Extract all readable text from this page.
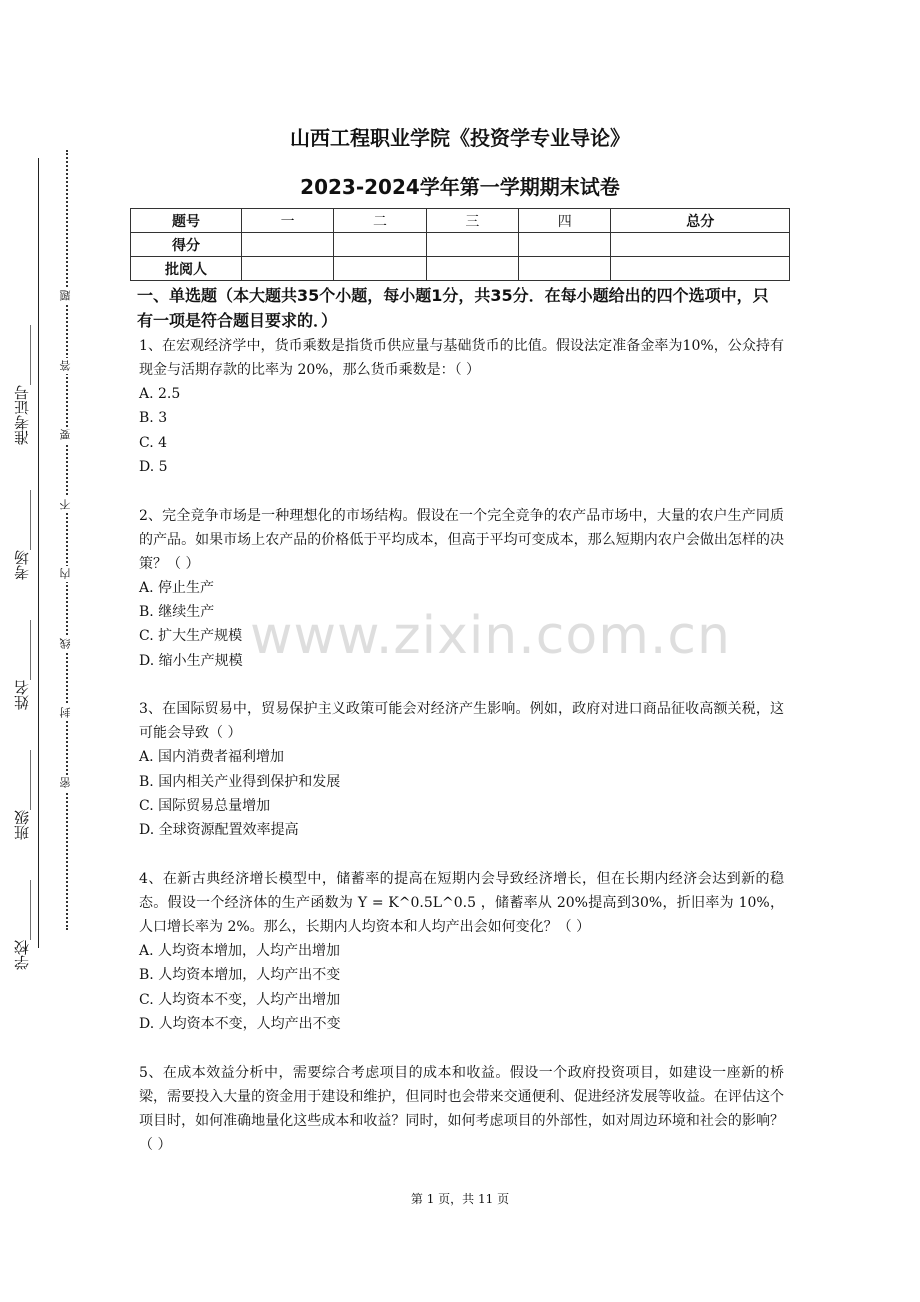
准考证号________
考场________
姓名________
班级________
学校________
题
答
要
不
内
线
封
密
山西工程职业学院《投资学专业导论》
2023-2024学年第一学期期末试卷
题号	一	二	三	四	总分
得分					
批阅人					
一、单选题（本大题共35个小题，每小题1分，共35分．在每小题给出的四个选项中，只有一项是符合题目要求的．）
1、在宏观经济学中，货币乘数是指货币供应量与基础货币的比值。假设法定准备金率为10%，公众持有现金与活期存款的比率为 20%，那么货币乘数是：（ ）
A. 2.5
B. 3
C. 4
D. 5
2、完全竞争市场是一种理想化的市场结构。假设在一个完全竞争的农产品市场中，大量的农户生产同质的产品。如果市场上农产品的价格低于平均成本，但高于平均可变成本，那么短期内农户会做出怎样的决策？（ ）
A. 停止生产
B. 继续生产
C. 扩大生产规模
D. 缩小生产规模
3、在国际贸易中，贸易保护主义政策可能会对经济产生影响。例如，政府对进口商品征收高额关税，这可能会导致（ ）
A. 国内消费者福利增加
B. 国内相关产业得到保护和发展
C. 国际贸易总量增加
D. 全球资源配置效率提高
4、在新古典经济增长模型中，储蓄率的提高在短期内会导致经济增长，但在长期内经济会达到新的稳态。假设一个经济体的生产函数为 Y = K^0.5L^0.5 ，储蓄率从 20%提高到30%，折旧率为 10%，人口增长率为 2%。那么，长期内人均资本和人均产出会如何变化？（ ）
A. 人均资本增加，人均产出增加
B. 人均资本增加，人均产出不变
C. 人均资本不变，人均产出增加
D. 人均资本不变，人均产出不变
5、在成本效益分析中，需要综合考虑项目的成本和收益。假设一个政府投资项目，如建设一座新的桥梁，需要投入大量的资金用于建设和维护，但同时也会带来交通便利、促进经济发展等收益。在评估这个项目时，如何准确地量化这些成本和收益？同时，如何考虑项目的外部性，如对周边环境和社会的影响？（ ）
www.zixin.com.cn
第 1 页，共 11 页
